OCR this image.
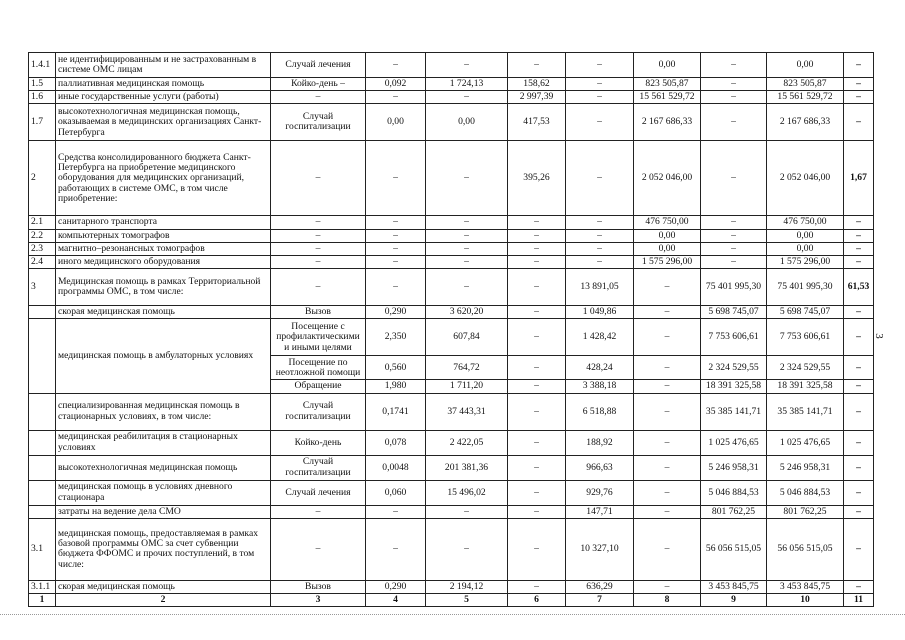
1.4.1	не идентифицированным и не застрахованным в системе ОМС лицам	Случай лечения	–	–	–	–	0,00	–	0,00	–
1.5	паллиативная медицинская помощь	Койко-день –	0,092	1 724,13	158,62	–	823 505,87	–	823 505,87	–
1.6	иные государственные услуги (работы)	–	–	–	2 997,39	–	15 561 529,72	–	15 561 529,72	–
1.7	высокотехнологичная медицинская помощь, оказываемая в медицинских организациях Санкт-Петербурга	Случай госпитализации	0,00	0,00	417,53	–	2 167 686,33	–	2 167 686,33	–
2	Средства консолидированного бюджета Санкт-Петербурга на приобретение медицинского оборудования для медицинских организаций, работающих в системе ОМС, в том числе приобретение:	–	–	–	395,26	–	2 052 046,00	–	2 052 046,00	1,67
2.1	санитарного транспорта	–	–	–	–	–	476 750,00	–	476 750,00	–
2.2	компьютерных томографов	–	–	–	–	–	0,00	–	0,00	–
2.3	магнитно–резонансных томографов	–	–	–	–	–	0,00	–	0,00	–
2.4	иного медицинского оборудования	–	–	–	–	–	1 575 296,00	–	1 575 296,00	–
3	Медицинская помощь в рамках Территориальной программы ОМС, в том числе:	–	–	–	–	13 891,05	–	75 401 995,30	75 401 995,30	61,53
	скорая медицинская помощь	Вызов	0,290	3 620,20	–	1 049,86	–	5 698 745,07	5 698 745,07	–
	медицинская помощь в амбулаторных условиях	Посещение с профилактическими и иными целями	2,350	607,84	–	1 428,42	–	7 753 606,61	7 753 606,61	–
		Посещение по неотложной помощи	0,560	764,72	–	428,24	–	2 324 529,55	2 324 529,55	–
		Обращение	1,980	1 711,20	–	3 388,18	–	18 391 325,58	18 391 325,58	–
	специализированная медицинская помощь в стационарных условиях, в том числе:	Случай госпитализации	0,1741	37 443,31	–	6 518,88	–	35 385 141,71	35 385 141,71	–
	медицинская реабилитация в стационарных условиях	Койко-день	0,078	2 422,05	–	188,92	–	1 025 476,65	1 025 476,65	–
	высокотехнологичная медицинская помощь	Случай госпитализации	0,0048	201 381,36	–	966,63	–	5 246 958,31	5 246 958,31	–
	медицинская помощь в условиях дневного стационара	Случай лечения	0,060	15 496,02	–	929,76	–	5 046 884,53	5 046 884,53	–
	затраты на ведение дела СМО	–	–	–	–	147,71	–	801 762,25	801 762,25	–
3.1	медицинская помощь, предоставляемая в рамках базовой программы ОМС за счет субвенции бюджета ФФОМС и прочих поступлений, в том числе:	–	–	–	–	10 327,10	–	56 056 515,05	56 056 515,05	–
3.1.1	скорая медицинская помощь	Вызов	0,290	2 194,12	–	636,29	–	3 453 845,75	3 453 845,75	–
1	2	3	4	5	6	7	8	9	10	11
3
